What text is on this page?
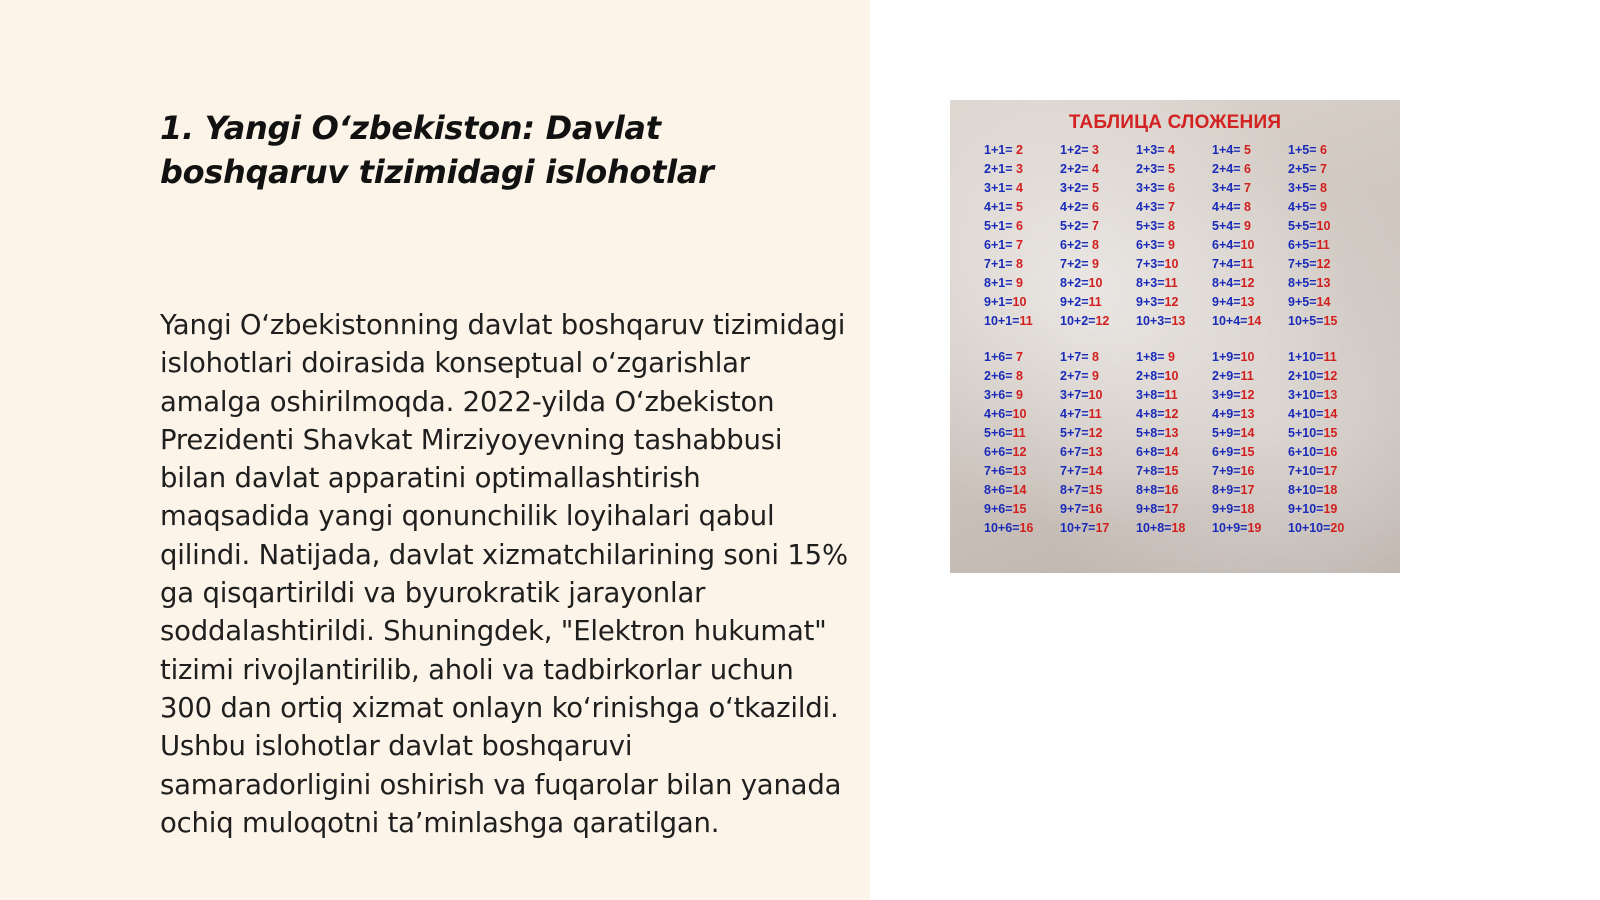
1. Yangi O‘zbekiston: Davlat boshqaruv tizimidagi islohotlar

Yangi O‘zbekistonning davlat boshqaruv tizimidagi islohotlari doirasida konseptual o‘zgarishlar amalga oshirilmoqda. 2022-yilda O‘zbekiston Prezidenti Shavkat Mirziyoyevning tashabbusi bilan davlat apparatini optimallashtirish maqsadida yangi qonunchilik loyihalari qabul qilindi. Natijada, davlat xizmatchilarining soni 15% ga qisqartirildi va byurokratik jarayonlar soddalashtirildi. Shuningdek, "Elektron hukumat" tizimi rivojlantirilib, aholi va tadbirkorlar uchun 300 dan ortiq xizmat onlayn ko‘rinishga o‘tkazildi. Ushbu islohotlar davlat boshqaruvi samaradorligini oshirish va fuqarolar bilan yanada ochiq muloqotni ta’minlashga qaratilgan.

ТАБЛИЦА СЛОЖЕНИЯ
1+1= 2	1+2= 3	1+3= 4	1+4= 5	1+5= 6
2+1= 3	2+2= 4	2+3= 5	2+4= 6	2+5= 7
3+1= 4	3+2= 5	3+3= 6	3+4= 7	3+5= 8
4+1= 5	4+2= 6	4+3= 7	4+4= 8	4+5= 9
5+1= 6	5+2= 7	5+3= 8	5+4= 9	5+5=10
6+1= 7	6+2= 8	6+3= 9	6+4=10	6+5=11
7+1= 8	7+2= 9	7+3=10	7+4=11	7+5=12
8+1= 9	8+2=10	8+3=11	8+4=12	8+5=13
9+1=10	9+2=11	9+3=12	9+4=13	9+5=14
10+1=11	10+2=12	10+3=13	10+4=14	10+5=15
1+6= 7	1+7= 8	1+8= 9	1+9=10	1+10=11
2+6= 8	2+7= 9	2+8=10	2+9=11	2+10=12
3+6= 9	3+7=10	3+8=11	3+9=12	3+10=13
4+6=10	4+7=11	4+8=12	4+9=13	4+10=14
5+6=11	5+7=12	5+8=13	5+9=14	5+10=15
6+6=12	6+7=13	6+8=14	6+9=15	6+10=16
7+6=13	7+7=14	7+8=15	7+9=16	7+10=17
8+6=14	8+7=15	8+8=16	8+9=17	8+10=18
9+6=15	9+7=16	9+8=17	9+9=18	9+10=19
10+6=16	10+7=17	10+8=18	10+9=19	10+10=20
